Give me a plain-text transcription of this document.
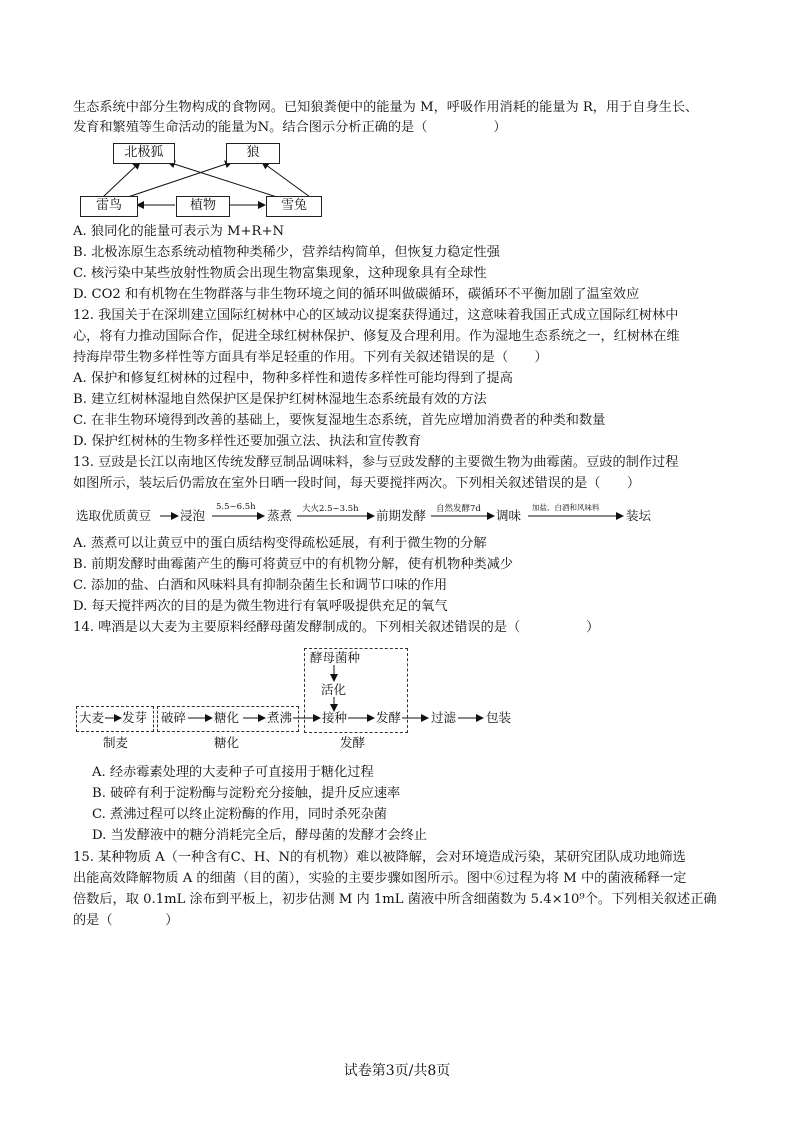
生态系统中部分生物构成的食物网。已知狼粪便中的能量为 M，呼吸作用消耗的能量为 R，用于自身生长、
发育和繁殖等生命活动的能量为N。结合图示分析正确的是（　　　　　）
北极狐	狼
雷鸟	植物	雪兔
A. 狼同化的能量可表示为 M+R+N
B. 北极冻原生态系统动植物种类稀少，营养结构简单，但恢复力稳定性强
C. 核污染中某些放射性物质会出现生物富集现象，这种现象具有全球性
D. CO2 和有机物在生物群落与非生物环境之间的循环叫做碳循环，碳循环不平衡加剧了温室效应
12. 我国关于在深圳建立国际红树林中心的区域动议提案获得通过，这意味着我国正式成立国际红树林中
心，将有力推动国际合作，促进全球红树林保护、修复及合理利用。作为湿地生态系统之一，红树林在维
持海岸带生物多样性等方面具有举足轻重的作用。下列有关叙述错误的是（　　）
A. 保护和修复红树林的过程中，物种多样性和遗传多样性可能均得到了提高
B. 建立红树林湿地自然保护区是保护红树林湿地生态系统最有效的方法
C. 在非生物环境得到改善的基础上，要恢复湿地生态系统，首先应增加消费者的种类和数量
D. 保护红树林的生物多样性还要加强立法、执法和宣传教育
13. 豆豉是长江以南地区传统发酵豆制品调味料，参与豆豉发酵的主要微生物为曲霉菌。豆豉的制作过程
如图所示，装坛后仍需放在室外日晒一段时间，每天要搅拌两次。下列相关叙述错误的是（　　）
选取优质黄豆 浸泡	蒸煮	前期发酵	调味	装坛
5.5~6.5h	大火2.5~3.5h	自然发酵7d	加盐、白酒和风味料
A. 蒸煮可以让黄豆中的蛋白质结构变得疏松延展，有利于微生物的分解
B. 前期发酵时曲霉菌产生的酶可将黄豆中的有机物分解，使有机物种类减少
C. 添加的盐、白酒和风味料具有抑制杂菌生长和调节口味的作用
D. 每天搅拌两次的目的是为微生物进行有氧呼吸提供充足的氧气
14. 啤酒是以大麦为主要原料经酵母菌发酵制成的。下列相关叙述错误的是（　　　　　）
酵母菌种
活化
大麦 发芽 破碎 糖化 煮沸 接种 发酵 过滤 包装
制麦	糖化	发酵
A. 经赤霉素处理的大麦种子可直接用于糖化过程
B. 破碎有利于淀粉酶与淀粉充分接触，提升反应速率
C. 煮沸过程可以终止淀粉酶的作用，同时杀死杂菌
D. 当发酵液中的糖分消耗完全后，酵母菌的发酵才会终止
15. 某种物质 A（一种含有C、H、N的有机物）难以被降解，会对环境造成污染，某研究团队成功地筛选
出能高效降解物质 A 的细菌（目的菌），实验的主要步骤如图所示。图中⑥过程为将 M 中的菌液稀释一定
倍数后，取 0.1mL 涂布到平板上，初步估测 M 内 1mL 菌液中所含细菌数为 5.4×10⁹个。下列相关叙述正确
的是（　　　　）
试卷第3页/共8页
